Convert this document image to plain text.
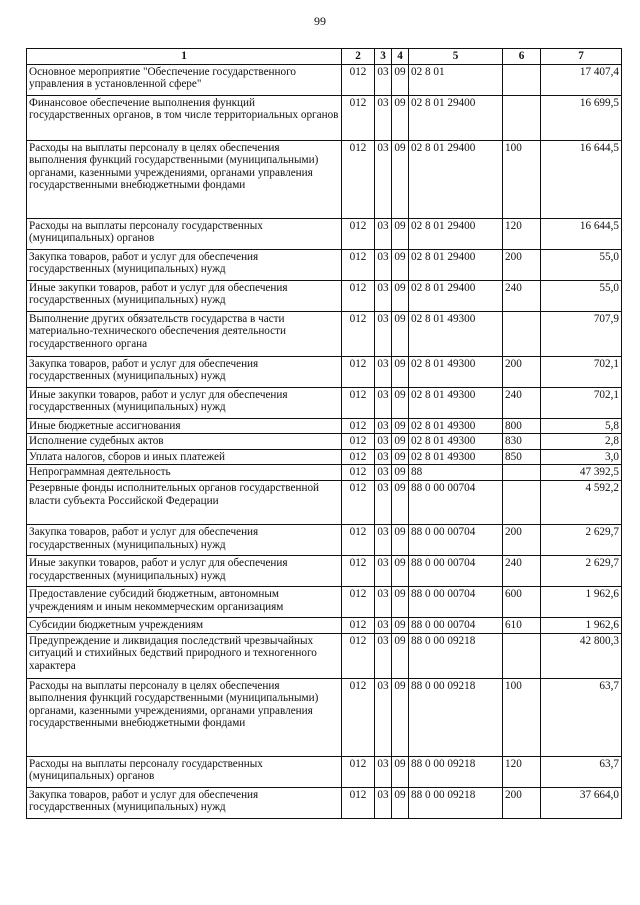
99
1	2	3	4	5	6	7
Основное мероприятие "Обеспечение государственного управления в установленной сфере"	012	03	09	02 8 01		17 407,4
Финансовое обеспечение выполнения функций государственных органов, в том числе территориальных органов	012	03	09	02 8 01 29400		16 699,5
Расходы на выплаты персоналу в целях обеспечения выполнения функций государственными (муниципальными) органами, казенными учреждениями, органами управления государственными внебюджетными фондами	012	03	09	02 8 01 29400	100	16 644,5
Расходы на выплаты персоналу государственных (муниципальных) органов	012	03	09	02 8 01 29400	120	16 644,5
Закупка товаров, работ и услуг для обеспечения государственных (муниципальных) нужд	012	03	09	02 8 01 29400	200	55,0
Иные закупки товаров, работ и услуг для обеспечения государственных (муниципальных) нужд	012	03	09	02 8 01 29400	240	55,0
Выполнение других обязательств государства в части материально-технического обеспечения деятельности государственного органа	012	03	09	02 8 01 49300		707,9
Закупка товаров, работ и услуг для обеспечения государственных (муниципальных) нужд	012	03	09	02 8 01 49300	200	702,1
Иные закупки товаров, работ и услуг для обеспечения государственных (муниципальных) нужд	012	03	09	02 8 01 49300	240	702,1
Иные бюджетные ассигнования	012	03	09	02 8 01 49300	800	5,8
Исполнение судебных актов	012	03	09	02 8 01 49300	830	2,8
Уплата налогов, сборов и иных платежей	012	03	09	02 8 01 49300	850	3,0
Непрограммная деятельность	012	03	09	88		47 392,5
Резервные фонды исполнительных органов государственной власти субъекта Российской Федерации	012	03	09	88 0 00 00704		4 592,2
Закупка товаров, работ и услуг для обеспечения государственных (муниципальных) нужд	012	03	09	88 0 00 00704	200	2 629,7
Иные закупки товаров, работ и услуг для обеспечения государственных (муниципальных) нужд	012	03	09	88 0 00 00704	240	2 629,7
Предоставление субсидий бюджетным, автономным учреждениям и иным некоммерческим организациям	012	03	09	88 0 00 00704	600	1 962,6
Субсидии бюджетным учреждениям	012	03	09	88 0 00 00704	610	1 962,6
Предупреждение и ликвидация последствий чрезвычайных ситуаций и стихийных бедствий природного и техногенного характера	012	03	09	88 0 00 09218		42 800,3
Расходы на выплаты персоналу в целях обеспечения выполнения функций государственными (муниципальными) органами, казенными учреждениями, органами управления государственными внебюджетными фондами	012	03	09	88 0 00 09218	100	63,7
Расходы на выплаты персоналу государственных (муниципальных) органов	012	03	09	88 0 00 09218	120	63,7
Закупка товаров, работ и услуг для обеспечения государственных (муниципальных) нужд	012	03	09	88 0 00 09218	200	37 664,0
